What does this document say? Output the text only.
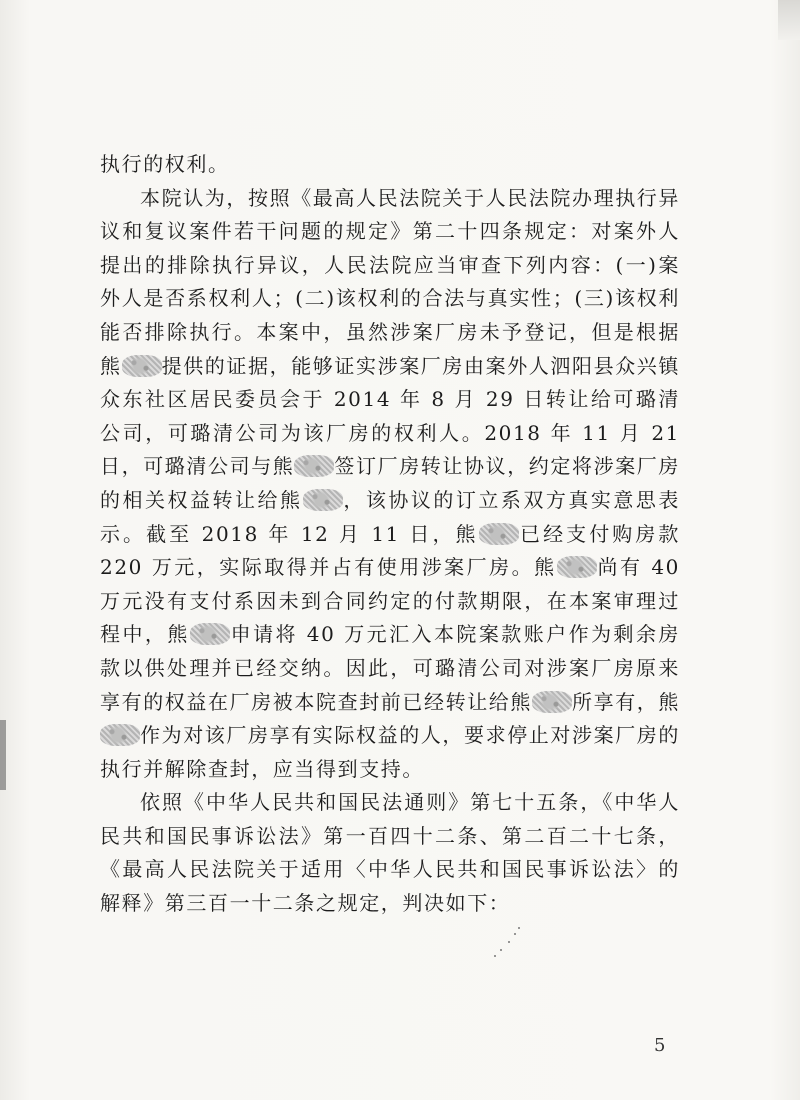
执行的权利。

本院认为，按照《最高人民法院关于人民法院办理执行异议和复议案件若干问题的规定》第二十四条规定：对案外人提出的排除执行异议，人民法院应当审查下列内容：(一)案外人是否系权利人；(二)该权利的合法与真实性；(三)该权利能否排除执行。本案中，虽然涉案厂房未予登记，但是根据熊 提供的证据，能够证实涉案厂房由案外人泗阳县众兴镇众东社区居民委员会于 2014 年 8 月 29 日转让给可璐清公司，可璐清公司为该厂房的权利人。2018 年 11 月 21 日，可璐清公司与熊 签订厂房转让协议，约定将涉案厂房的相关权益转让给熊 ，该协议的订立系双方真实意思表示。截至 2018 年 12 月 11 日，熊 已经支付购房款 220 万元，实际取得并占有使用涉案厂房。熊 尚有 40 万元没有支付系因未到合同约定的付款期限，在本案审理过程中，熊 申请将 40 万元汇入本院案款账户作为剩余房款以供处理并已经交纳。因此，可璐清公司对涉案厂房原来享有的权益在厂房被本院查封前已经转让给熊 所享有，熊作为对该厂房享有实际权益的人，要求停止对涉案厂房的执行并解除查封，应当得到支持。

依照《中华人民共和国民法通则》第七十五条，《中华人民共和国民事诉讼法》第一百四十二条、第二百二十七条，《最高人民法院关于适用〈中华人民共和国民事诉讼法〉的解释》第三百一十二条之规定，判决如下：

5
